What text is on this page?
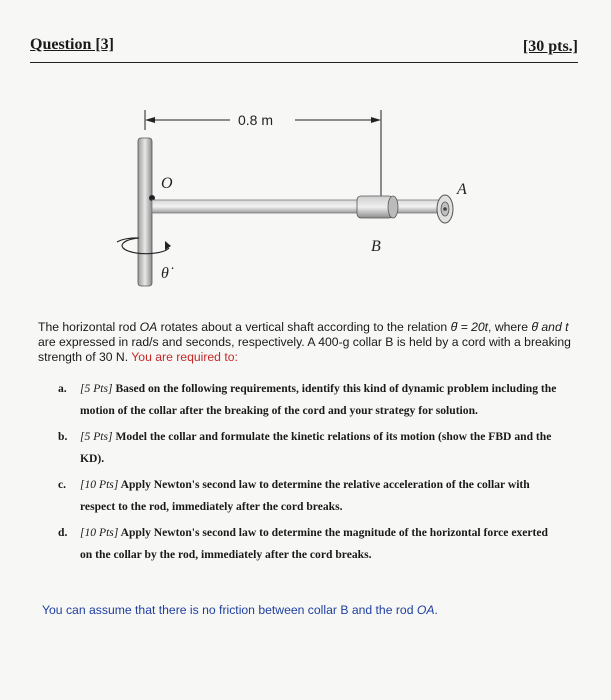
Question [3]	[30 pts.]
0.8 m
O
B
A
θ̇
The horizontal rod OA rotates about a vertical shaft according to the relation θ̇ = 20t, where θ̇ and t are expressed in rad/s and seconds, respectively. A 400-g collar B is held by a cord with a breaking strength of 30 N. You are required to:
a. [5 Pts] Based on the following requirements, identify this kind of dynamic problem including the motion of the collar after the breaking of the cord and your strategy for solution.
b. [5 Pts] Model the collar and formulate the kinetic relations of its motion (show the FBD and the KD).
c. [10 Pts] Apply Newton's second law to determine the relative acceleration of the collar with respect to the rod, immediately after the cord breaks.
d. [10 Pts] Apply Newton's second law to determine the magnitude of the horizontal force exerted on the collar by the rod, immediately after the cord breaks.
You can assume that there is no friction between collar B and the rod OA.
